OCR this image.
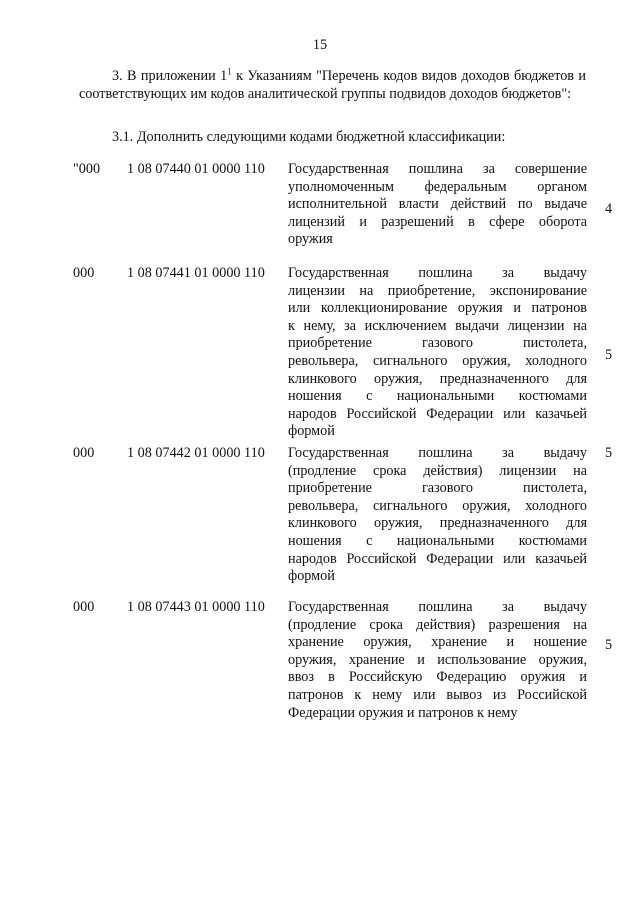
15
3. В приложении $1^1$ к Указаниям "Перечень кодов видов доходов бюджетов и соответствующих им кодов аналитической группы подвидов доходов бюджетов":
3.1. Дополнить следующими кодами бюджетной классификации:
"000 1 08 07440 01 0000 110 Государственная пошлина за совершение
уполномоченным федеральным органом
исполнительной власти действий по выдаче
лицензий и разрешений в сфере оборота
оружия
4
000 1 08 07441 01 0000 110 Государственная пошлина за выдачу
лицензии на приобретение, экспонирование
или коллекционирование оружия и патронов
к нему, за исключением выдачи лицензии на
приобретение газового пистолета,
револьвера, сигнального оружия, холодного
клинкового оружия, предназначенного для
ношения с национальными костюмами
народов Российской Федерации или казачьей
формой
5
000 1 08 07442 01 0000 110 Государственная пошлина за выдачу
(продление срока действия) лицензии на
приобретение газового пистолета,
револьвера, сигнального оружия, холодного
клинкового оружия, предназначенного для
ношения с национальными костюмами
народов Российской Федерации или казачьей
формой
5
000 1 08 07443 01 0000 110 Государственная пошлина за выдачу
(продление срока действия) разрешения на
хранение оружия, хранение и ношение
оружия, хранение и использование оружия,
ввоз в Российскую Федерацию оружия и
патронов к нему или вывоз из Российской
Федерации оружия и патронов к нему
5
